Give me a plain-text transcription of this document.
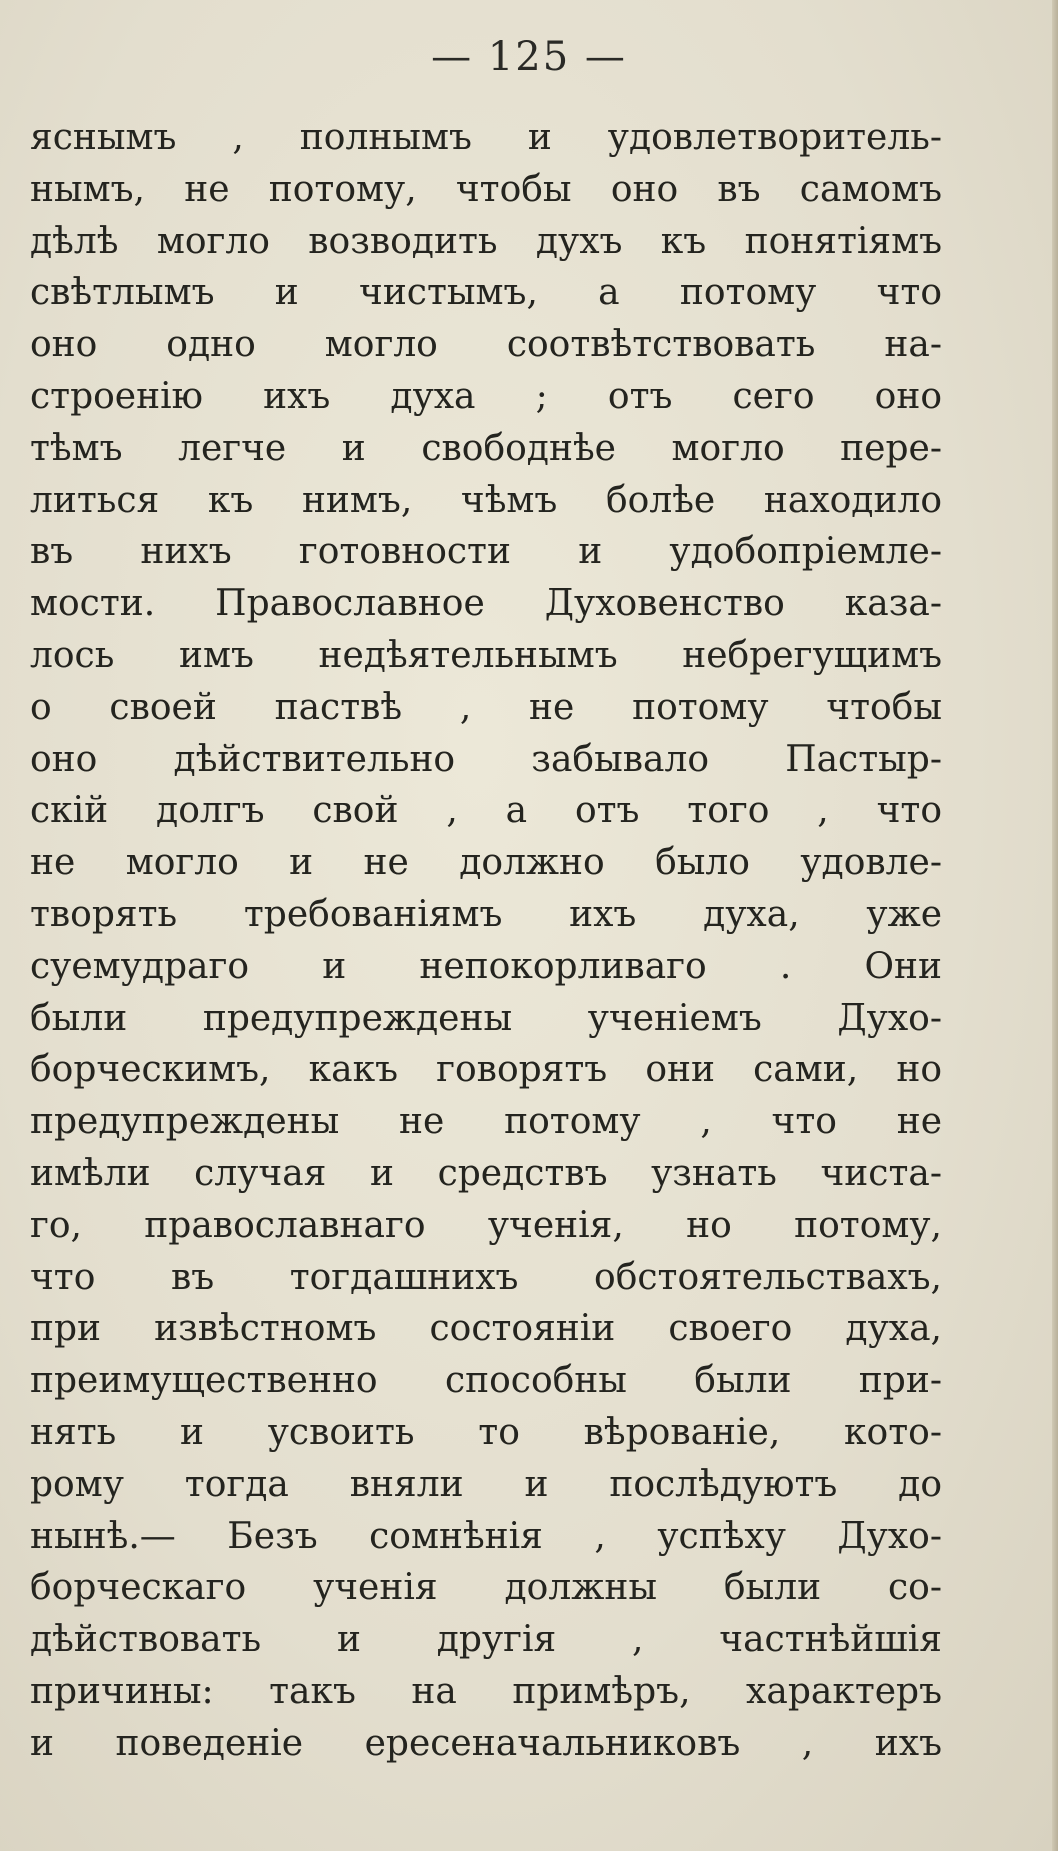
— 125 —
яснымъ , полнымъ и удовлетворитель-
нымъ, не потому, чтобы оно въ самомъ
дѣлѣ могло возводить духъ къ понятіямъ
свѣтлымъ и чистымъ, а потому что
оно одно могло соотвѣтствовать на-
строенію ихъ духа ; отъ сего оно
тѣмъ легче и свободнѣе могло пере-
литься къ нимъ, чѣмъ болѣе находило
въ нихъ готовности и удобопріемле-
мости. Православное Духовенство каза-
лось имъ недѣятельнымъ небрегущимъ
о своей паствѣ , не потому чтобы
оно дѣйствительно забывало Пастыр-
скій долгъ свой , а отъ того , что
не могло и не должно было удовле-
творять требованіямъ ихъ духа, уже
суемудраго и непокорливаго . Они
были предупреждены ученіемъ Духо-
борческимъ, какъ говорятъ они сами, но
предупреждены не потому , что не
имѣли случая и средствъ узнать чиста-
го, православнаго ученія, но потому,
что въ тогдашнихъ обстоятельствахъ,
при извѣстномъ состояніи своего духа,
преимущественно способны были при-
нять и усвоить то вѣрованіе, кото-
рому тогда вняли и послѣдуютъ до
нынѣ.— Безъ сомнѣнія , успѣху Духо-
борческаго ученія должны были со-
дѣйствовать и другія , частнѣйшія
причины: такъ на примѣръ, характеръ
и поведеніе ересеначальниковъ , ихъ
